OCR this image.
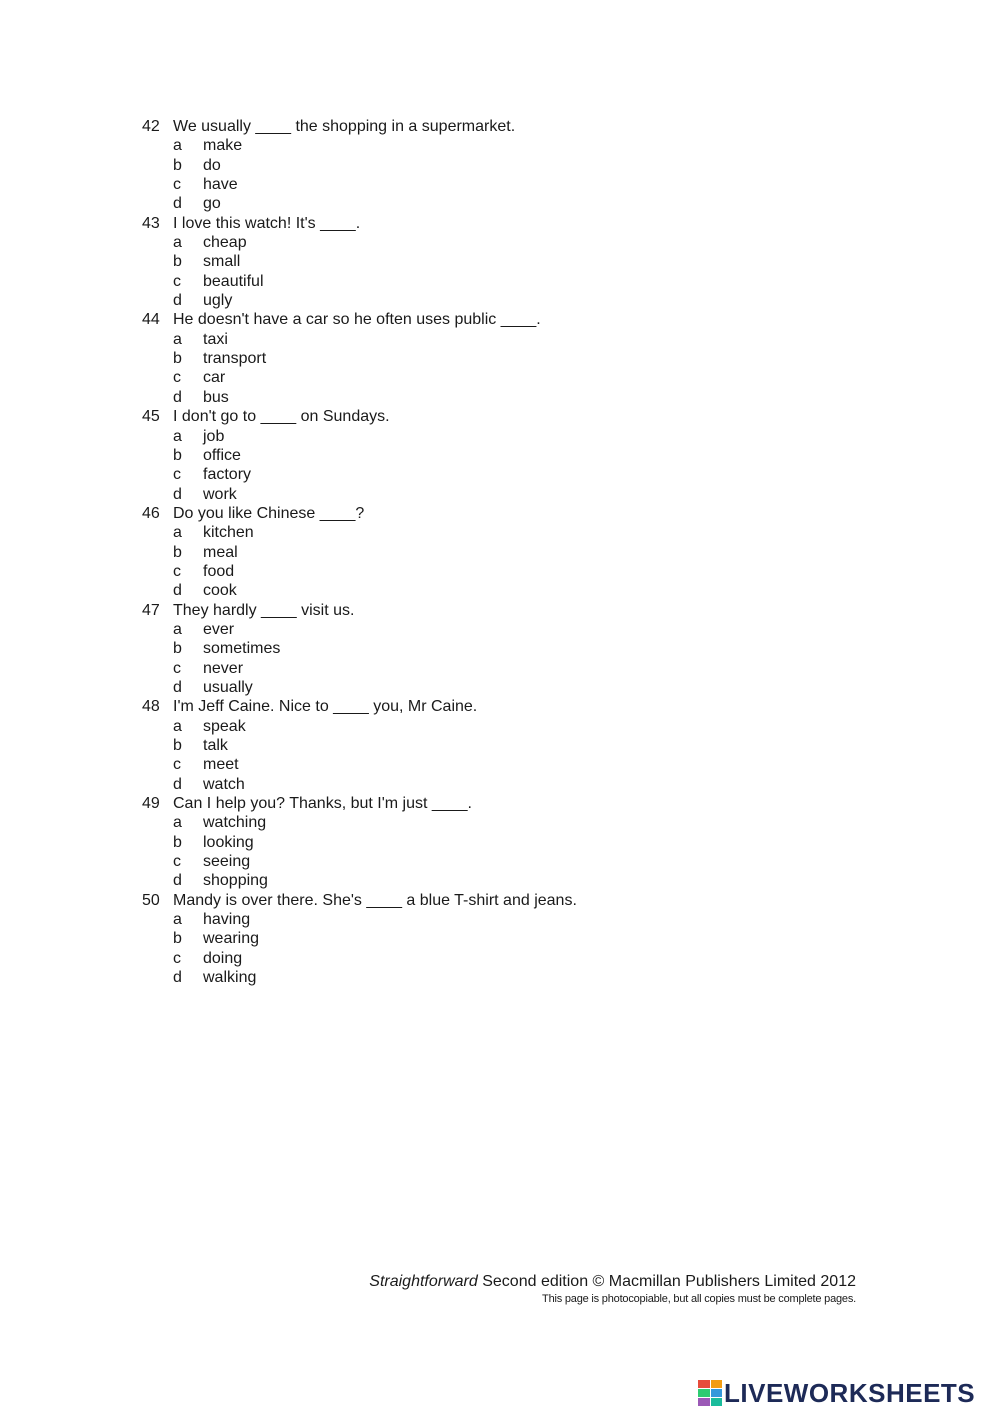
42 We usually ____ the shopping in a supermarket.
a make
b do
c have
d go
43 I love this watch! It's ____.
a cheap
b small
c beautiful
d ugly
44 He doesn't have a car so he often uses public ____.
a taxi
b transport
c car
d bus
45 I don't go to ____ on Sundays.
a job
b office
c factory
d work
46 Do you like Chinese ____?
a kitchen
b meal
c food
d cook
47 They hardly ____ visit us.
a ever
b sometimes
c never
d usually
48 I'm Jeff Caine. Nice to ____ you, Mr Caine.
a speak
b talk
c meet
d watch
49 Can I help you? Thanks, but I'm just ____.
a watching
b looking
c seeing
d shopping
50 Mandy is over there. She's ____ a blue T-shirt and jeans.
a having
b wearing
c doing
d walking
Straightforward Second edition © Macmillan Publishers Limited 2012
This page is photocopiable, but all copies must be complete pages.
LIVEWORKSHEETS
